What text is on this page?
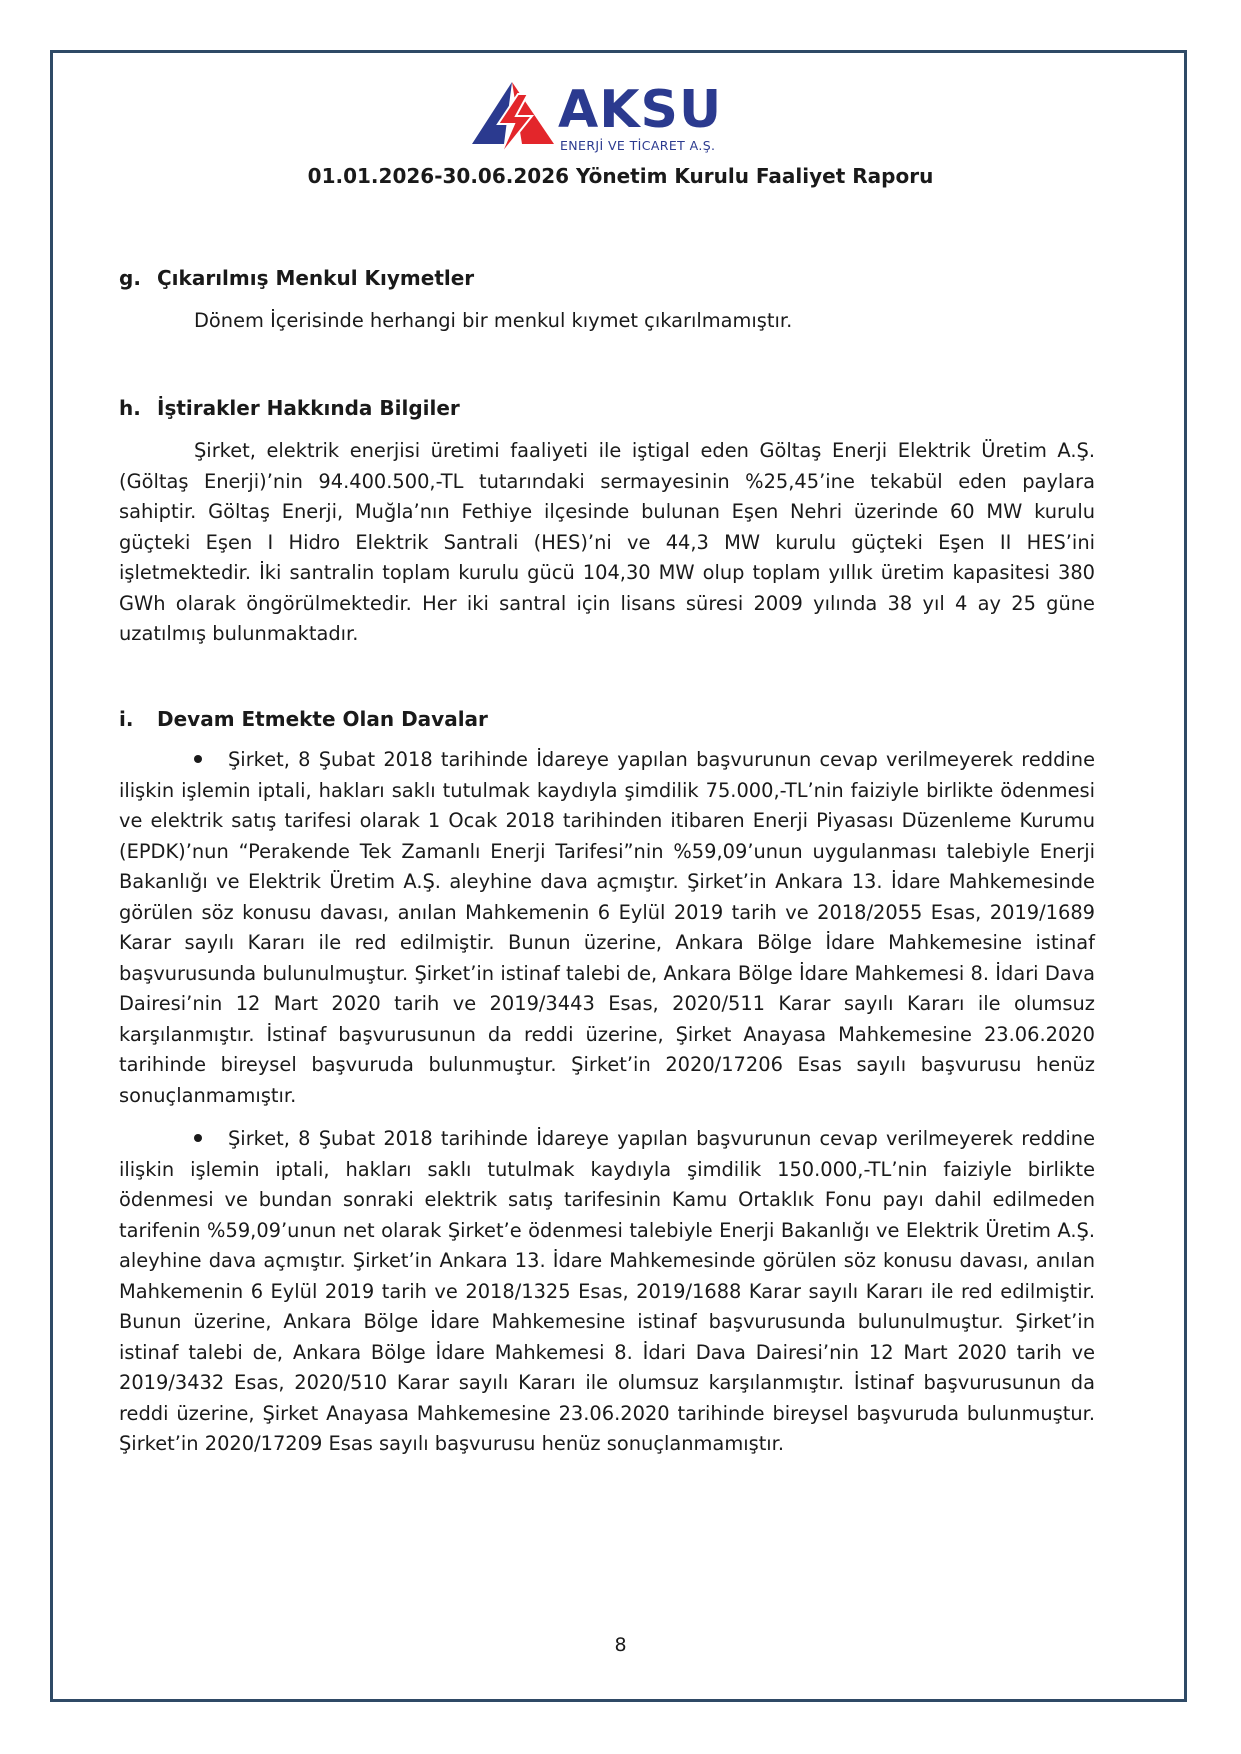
AKSU
ENERJİ VE TİCARET A.Ş.
01.01.2026-30.06.2026 Yönetim Kurulu Faaliyet Raporu
g. Çıkarılmış Menkul Kıymetler
Dönem İçerisinde herhangi bir menkul kıymet çıkarılmamıştır.
h. İştirakler Hakkında Bilgiler
Şirket, elektrik enerjisi üretimi faaliyeti ile iştigal eden Göltaş Enerji Elektrik Üretim A.Ş. (Göltaş Enerji)’nin 94.400.500,-TL tutarındaki sermayesinin %25,45’ine tekabül eden paylara sahiptir. Göltaş Enerji, Muğla’nın Fethiye ilçesinde bulunan Eşen Nehri üzerinde 60 MW kurulu güçteki Eşen I Hidro Elektrik Santrali (HES)’ni ve 44,3 MW kurulu güçteki Eşen II HES’ini işletmektedir. İki santralin toplam kurulu gücü 104,30 MW olup toplam yıllık üretim kapasitesi 380 GWh olarak öngörülmektedir. Her iki santral için lisans süresi 2009 yılında 38 yıl 4 ay 25 güne uzatılmış bulunmaktadır.
i. Devam Etmekte Olan Davalar
Şirket, 8 Şubat 2018 tarihinde İdareye yapılan başvurunun cevap verilmeyerek reddine ilişkin işlemin iptali, hakları saklı tutulmak kaydıyla şimdilik 75.000,-TL’nin faiziyle birlikte ödenmesi ve elektrik satış tarifesi olarak 1 Ocak 2018 tarihinden itibaren Enerji Piyasası Düzenleme Kurumu (EPDK)’nun “Perakende Tek Zamanlı Enerji Tarifesi”nin %59,09’unun uygulanması talebiyle Enerji Bakanlığı ve Elektrik Üretim A.Ş. aleyhine dava açmıştır. Şirket’in Ankara 13. İdare Mahkemesinde görülen söz konusu davası, anılan Mahkemenin 6 Eylül 2019 tarih ve 2018/2055 Esas, 2019/1689 Karar sayılı Kararı ile red edilmiştir. Bunun üzerine, Ankara Bölge İdare Mahkemesine istinaf başvurusunda bulunulmuştur. Şirket’in istinaf talebi de, Ankara Bölge İdare Mahkemesi 8. İdari Dava Dairesi’nin 12 Mart 2020 tarih ve 2019/3443 Esas, 2020/511 Karar sayılı Kararı ile olumsuz karşılanmıştır. İstinaf başvurusunun da reddi üzerine, Şirket Anayasa Mahkemesine 23.06.2020 tarihinde bireysel başvuruda bulunmuştur. Şirket’in 2020/17206 Esas sayılı başvurusu henüz sonuçlanmamıştır.
Şirket, 8 Şubat 2018 tarihinde İdareye yapılan başvurunun cevap verilmeyerek reddine ilişkin işlemin iptali, hakları saklı tutulmak kaydıyla şimdilik 150.000,-TL’nin faiziyle birlikte ödenmesi ve bundan sonraki elektrik satış tarifesinin Kamu Ortaklık Fonu payı dahil edilmeden tarifenin %59,09’unun net olarak Şirket’e ödenmesi talebiyle Enerji Bakanlığı ve Elektrik Üretim A.Ş. aleyhine dava açmıştır. Şirket’in Ankara 13. İdare Mahkemesinde görülen söz konusu davası, anılan Mahkemenin 6 Eylül 2019 tarih ve 2018/1325 Esas, 2019/1688 Karar sayılı Kararı ile red edilmiştir. Bunun üzerine, Ankara Bölge İdare Mahkemesine istinaf başvurusunda bulunulmuştur. Şirket’in istinaf talebi de, Ankara Bölge İdare Mahkemesi 8. İdari Dava Dairesi’nin 12 Mart 2020 tarih ve 2019/3432 Esas, 2020/510 Karar sayılı Kararı ile olumsuz karşılanmıştır. İstinaf başvurusunun da reddi üzerine, Şirket Anayasa Mahkemesine 23.06.2020 tarihinde bireysel başvuruda bulunmuştur. Şirket’in 2020/17209 Esas sayılı başvurusu henüz sonuçlanmamıştır.
8
